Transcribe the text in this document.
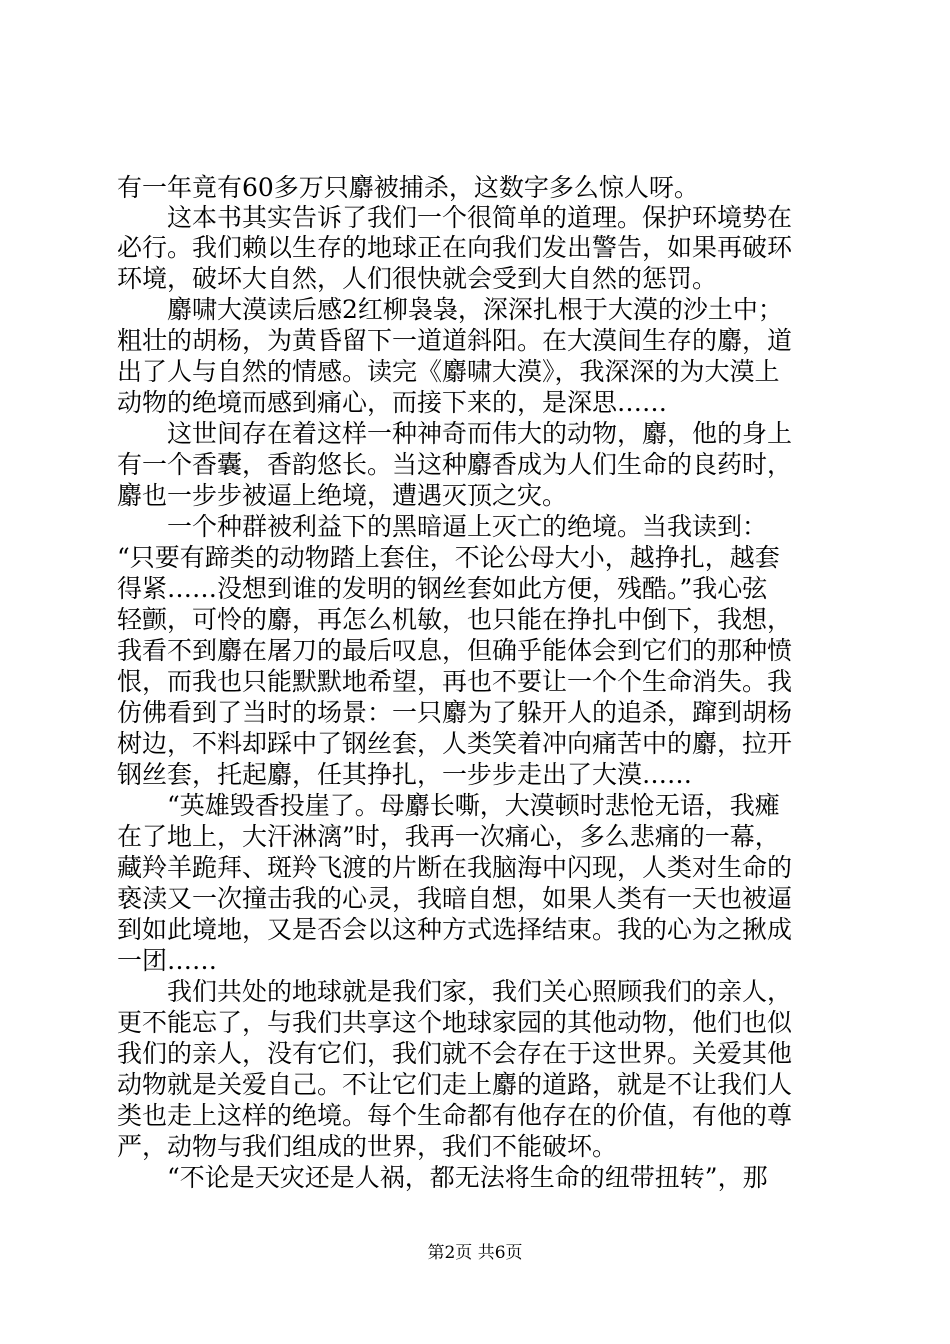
有一年竟有60多万只麝被捕杀，这数字多么惊人呀。
　　这本书其实告诉了我们一个很简单的道理。保护环境势在
必行。我们赖以生存的地球正在向我们发出警告，如果再破环
环境，破坏大自然，人们很快就会受到大自然的惩罚。
　　麝啸大漠读后感2红柳袅袅，深深扎根于大漠的沙土中；
粗壮的胡杨，为黄昏留下一道道斜阳。在大漠间生存的麝，道
出了人与自然的情感。读完《麝啸大漠》，我深深的为大漠上
动物的绝境而感到痛心，而接下来的，是深思……
　　这世间存在着这样一种神奇而伟大的动物，麝，他的身上
有一个香囊，香韵悠长。当这种麝香成为人们生命的良药时，
麝也一步步被逼上绝境，遭遇灭顶之灾。
　　一个种群被利益下的黑暗逼上灭亡的绝境。当我读到：
“只要有蹄类的动物踏上套住，不论公母大小，越挣扎，越套
得紧……没想到谁的发明的钢丝套如此方便，残酷。”我心弦
轻颤，可怜的麝，再怎么机敏，也只能在挣扎中倒下，我想，
我看不到麝在屠刀的最后叹息，但确乎能体会到它们的那种愤
恨，而我也只能默默地希望，再也不要让一个个生命消失。我
仿佛看到了当时的场景：一只麝为了躲开人的追杀，蹿到胡杨
树边，不料却踩中了钢丝套，人类笑着冲向痛苦中的麝，拉开
钢丝套，托起麝，任其挣扎，一步步走出了大漠……
　　“英雄毁香投崖了。母麝长嘶，大漠顿时悲怆无语，我瘫
在了地上，大汗淋漓”时，我再一次痛心，多么悲痛的一幕，
藏羚羊跪拜、斑羚飞渡的片断在我脑海中闪现，人类对生命的
亵渎又一次撞击我的心灵，我暗自想，如果人类有一天也被逼
到如此境地，又是否会以这种方式选择结束。我的心为之揪成
一团……
　　我们共处的地球就是我们家，我们关心照顾我们的亲人，
更不能忘了，与我们共享这个地球家园的其他动物，他们也似
我们的亲人，没有它们，我们就不会存在于这世界。关爱其他
动物就是关爱自己。不让它们走上麝的道路，就是不让我们人
类也走上这样的绝境。每个生命都有他存在的价值，有他的尊
严，动物与我们组成的世界，我们不能破坏。
　　“不论是天灾还是人祸，都无法将生命的纽带扭转”，那
第2页 共6页
